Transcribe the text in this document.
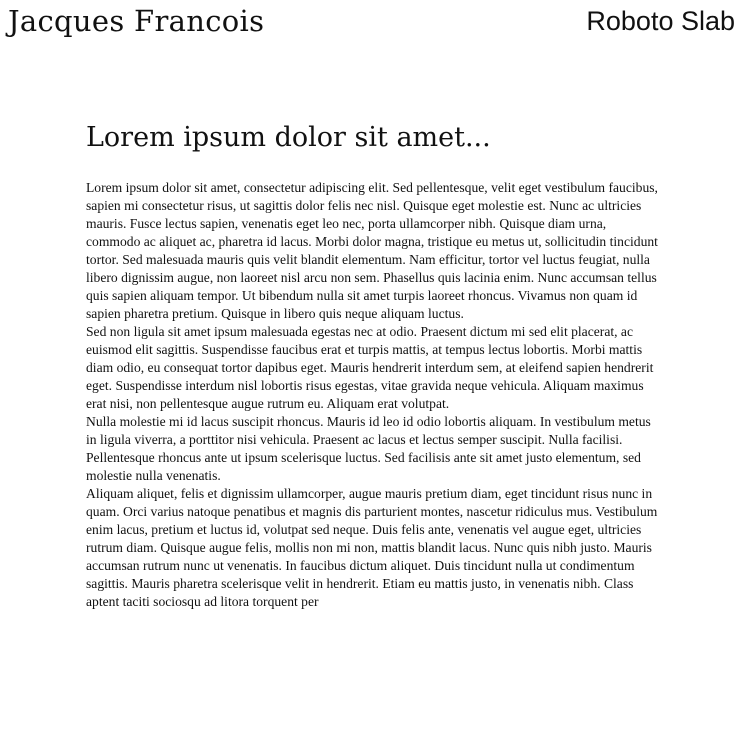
Jacques Francois	Roboto Slab
Lorem ipsum dolor sit amet...

Lorem ipsum dolor sit amet, consectetur adipiscing elit. Sed pellentesque, velit eget vestibulum faucibus, sapien mi consectetur risus, ut sagittis dolor felis nec nisl. Quisque eget molestie est. Nunc ac ultricies mauris. Fusce lectus sapien, venenatis eget leo nec, porta ullamcorper nibh. Quisque diam urna, commodo ac aliquet ac, pharetra id lacus. Morbi dolor magna, tristique eu metus ut, sollicitudin tincidunt tortor. Sed malesuada mauris quis velit blandit elementum. Nam efficitur, tortor vel luctus feugiat, nulla libero dignissim augue, non laoreet nisl arcu non sem. Phasellus quis lacinia enim. Nunc accumsan tellus quis sapien aliquam tempor. Ut bibendum nulla sit amet turpis laoreet rhoncus. Vivamus non quam id sapien pharetra pretium. Quisque in libero quis neque aliquam luctus.

Sed non ligula sit amet ipsum malesuada egestas nec at odio. Praesent dictum mi sed elit placerat, ac euismod elit sagittis. Suspendisse faucibus erat et turpis mattis, at tempus lectus lobortis. Morbi mattis diam odio, eu consequat tortor dapibus eget. Mauris hendrerit interdum sem, at eleifend sapien hendrerit eget. Suspendisse interdum nisl lobortis risus egestas, vitae gravida neque vehicula. Aliquam maximus erat nisi, non pellentesque augue rutrum eu. Aliquam erat volutpat.

Nulla molestie mi id lacus suscipit rhoncus. Mauris id leo id odio lobortis aliquam. In vestibulum metus in ligula viverra, a porttitor nisi vehicula. Praesent ac lacus et lectus semper suscipit. Nulla facilisi. Pellentesque rhoncus ante ut ipsum scelerisque luctus. Sed facilisis ante sit amet justo elementum, sed molestie nulla venenatis.

Aliquam aliquet, felis et dignissim ullamcorper, augue mauris pretium diam, eget tincidunt risus nunc in quam. Orci varius natoque penatibus et magnis dis parturient montes, nascetur ridiculus mus. Vestibulum enim lacus, pretium et luctus id, volutpat sed neque. Duis felis ante, venenatis vel augue eget, ultricies rutrum diam. Quisque augue felis, mollis non mi non, mattis blandit lacus. Nunc quis nibh justo. Mauris accumsan rutrum nunc ut venenatis. In faucibus dictum aliquet. Duis tincidunt nulla ut condimentum sagittis. Mauris pharetra scelerisque velit in hendrerit. Etiam eu mattis justo, in venenatis nibh. Class aptent taciti sociosqu ad litora torquent per
